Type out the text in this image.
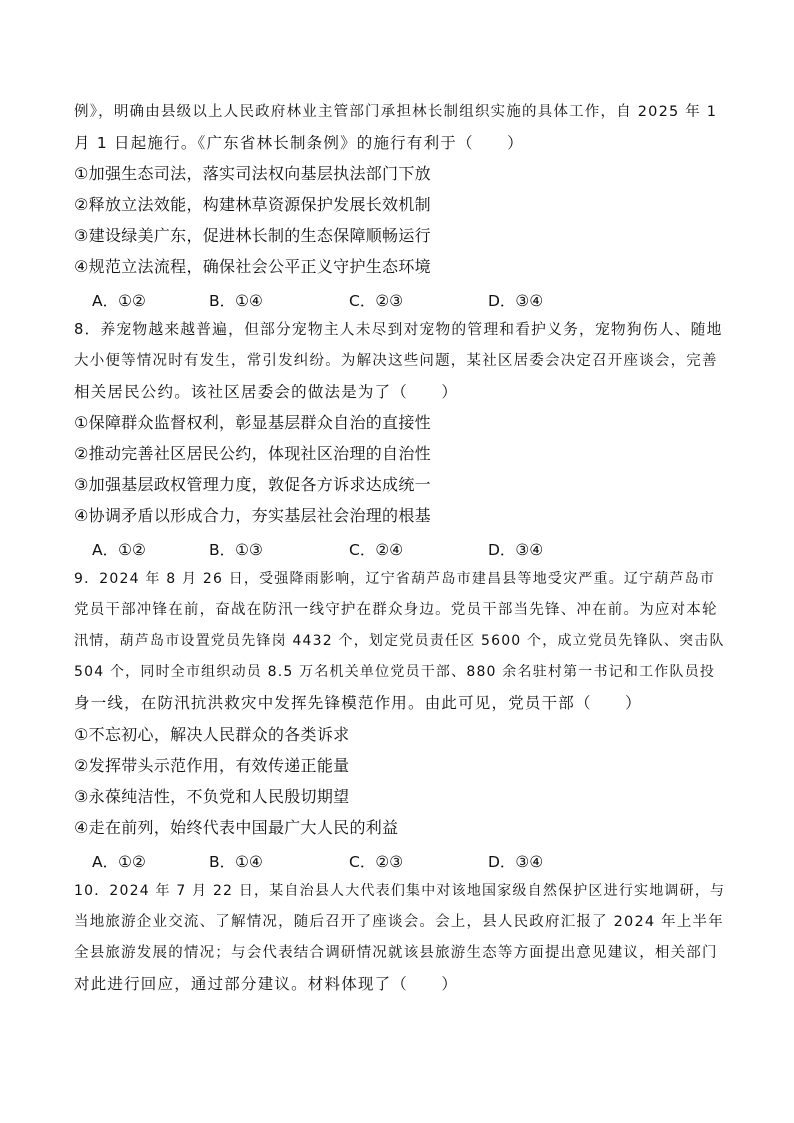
例》，明确由县级以上人民政府林业主管部门承担林长制组织实施的具体工作，自 2025 年 1
月 1 日起施行。《广东省林长制条例》的施行有利于（　　）
①加强生态司法，落实司法权向基层执法部门下放
②释放立法效能，构建林草资源保护发展长效机制
③建设绿美广东，促进林长制的生态保障顺畅运行
④规范立法流程，确保社会公平正义守护生态环境
A．①②	B．①④	C．②③	D．③④
8．养宠物越来越普遍，但部分宠物主人未尽到对宠物的管理和看护义务，宠物狗伤人、随地
大小便等情况时有发生，常引发纠纷。为解决这些问题，某社区居委会决定召开座谈会，完善
相关居民公约。该社区居委会的做法是为了（　　）
①保障群众监督权利，彰显基层群众自治的直接性
②推动完善社区居民公约，体现社区治理的自治性
③加强基层政权管理力度，敦促各方诉求达成统一
④协调矛盾以形成合力，夯实基层社会治理的根基
A．①②	B．①③	C．②④	D．③④
9．2024 年 8 月 26 日，受强降雨影响，辽宁省葫芦岛市建昌县等地受灾严重。辽宁葫芦岛市
党员干部冲锋在前，奋战在防汛一线守护在群众身边。党员干部当先锋、冲在前。为应对本轮
汛情，葫芦岛市设置党员先锋岗 4432 个，划定党员责任区 5600 个，成立党员先锋队、突击队
504 个，同时全市组织动员 8.5 万名机关单位党员干部、880 余名驻村第一书记和工作队员投
身一线，在防汛抗洪救灾中发挥先锋模范作用。由此可见，党员干部（　　）
①不忘初心，解决人民群众的各类诉求
②发挥带头示范作用，有效传递正能量
③永葆纯洁性，不负党和人民殷切期望
④走在前列，始终代表中国最广大人民的利益
A．①②	B．①④	C．②③	D．③④
10．2024 年 7 月 22 日，某自治县人大代表们集中对该地国家级自然保护区进行实地调研，与
当地旅游企业交流、了解情况，随后召开了座谈会。会上，县人民政府汇报了 2024 年上半年
全县旅游发展的情况；与会代表结合调研情况就该县旅游生态等方面提出意见建议，相关部门
对此进行回应，通过部分建议。材料体现了（　　）
